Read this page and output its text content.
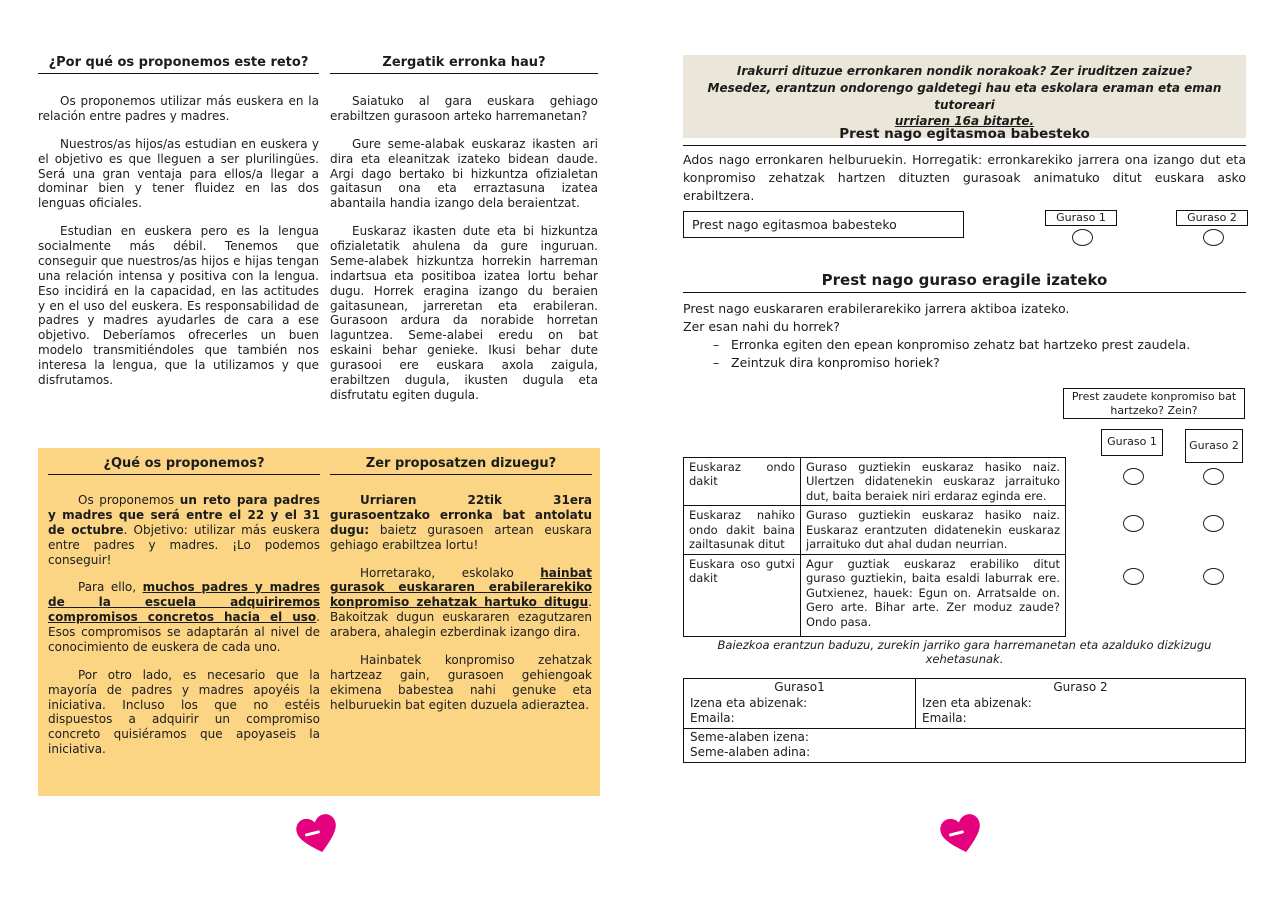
¿Por qué os proponemos este reto?

Os proponemos utilizar más euskera en la relación entre padres y madres.

Nuestros/as hijos/as estudian en euskera y el objetivo es que lleguen a ser plurilingües. Será una gran ventaja para ellos/a llegar a dominar bien y tener fluidez en las dos lenguas oficiales.

Estudian en euskera pero es la lengua socialmente más débil. Tenemos que conseguir que nuestros/as hijos e hijas tengan una relación intensa y positiva con la lengua. Eso incidirá en la capacidad, en las actitudes y en el uso del euskera. Es responsabilidad de padres y madres ayudarles de cara a ese objetivo. Deberíamos ofrecerles un buen modelo transmitiéndoles que también nos interesa la lengua, que la utilizamos y que disfrutamos.

Zergatik erronka hau?

Saiatuko al gara euskara gehiago erabiltzen gurasoon arteko harremanetan?

Gure seme-alabak euskaraz ikasten ari dira eta eleanitzak izateko bidean daude. Argi dago bertako bi hizkuntza ofizialetan gaitasun ona eta erraztasuna izatea abantaila handia izango dela beraientzat.

Euskaraz ikasten dute eta bi hizkuntza ofizialetatik ahulena da gure inguruan. Seme-alabek hizkuntza horrekin harreman indartsua eta positiboa izatea lortu behar dugu. Horrek eragina izango du beraien gaitasunean, jarreretan eta erabileran. Gurasoon ardura da norabide horretan laguntzea. Seme-alabei eredu on bat eskaini behar genieke. Ikusi behar dute gurasooi ere euskara axola zaigula, erabiltzen dugula, ikusten dugula eta disfrutatu egiten dugula.

¿Qué os proponemos?

Os proponemos un reto para padres y madres que será entre el 22 y el 31 de octubre. Objetivo: utilizar más euskera entre padres y madres. ¡Lo podemos conseguir!

Para ello, muchos padres y madres de la escuela adquiriremos compromisos concretos hacia el uso. Esos compromisos se adaptarán al nivel de conocimiento de euskera de cada uno.

Por otro lado, es necesario que la mayoría de padres y madres apoyéis la iniciativa. Incluso los que no estéis dispuestos a adquirir un compromiso concreto quisiéramos que apoyaseis la iniciativa.

Zer proposatzen dizuegu?

Urriaren 22tik 31era gurasoentzako erronka bat antolatu dugu: baietz gurasoen artean euskara gehiago erabiltzea lortu!

Horretarako, eskolako hainbat gurasok euskararen erabilerarekiko konpromiso zehatzak hartuko ditugu. Bakoitzak dugun euskararen ezagutzaren arabera, ahalegin ezberdinak izango dira.

Hainbatek konpromiso zehatzak hartzeaz gain, gurasoen gehiengoak ekimena babestea nahi genuke eta helburuekin bat egiten duzuela adieraztea.

Irakurri dituzue erronkaren nondik norakoak? Zer iruditzen zaizue?
Mesedez, erantzun ondorengo galdetegi hau eta eskolara eraman eta eman tutoreari
urriaren 16a bitarte.
Prest nago egitasmoa babesteko

Ados nago erronkaren helburuekin. Horregatik: erronkarekiko jarrera ona izango dut eta konpromiso zehatzak hartzen dituzten gurasoak animatuko ditut euskara asko erabiltzera.

Prest nago egitasmoa babesteko	Guraso 1	Guraso 2
Prest nago guraso eragile izateko
Prest nago euskararen erabilerarekiko jarrera aktiboa izateko.
Zer esan nahi du horrek?
– Erronka egiten den epean konpromiso zehatz bat hartzeko prest zaudela.
– Zeintzuk dira konpromiso horiek?
Prest zaudete konpromiso bat hartzeko? Zein?
Guraso 1	Guraso 2
Euskaraz ondo dakit	Guraso guztiekin euskaraz hasiko naiz. Ulertzen didatenekin euskaraz jarraituko dut, baita beraiek niri erdaraz eginda ere.
Euskaraz nahiko ondo dakit baina zailtasunak ditut	Guraso guztiekin euskaraz hasiko naiz. Euskaraz erantzuten didatenekin euskaraz jarraituko dut ahal dudan neurrian.
Euskara oso gutxi dakit	Agur guztiak euskaraz erabiliko ditut guraso guztiekin, baita esaldi laburrak ere. Gutxienez, hauek: Egun on. Arratsalde on. Gero arte. Bihar arte. Zer moduz zaude? Ondo pasa.
Baiezkoa erantzun baduzu, zurekin jarriko gara harremanetan eta azalduko dizkizugu xehetasunak.
Guraso1
Izena eta abizenak:
Emaila:

Guraso 2
Izen eta abizenak:
Emaila:

Seme-alaben izena:
Seme-alaben adina:
